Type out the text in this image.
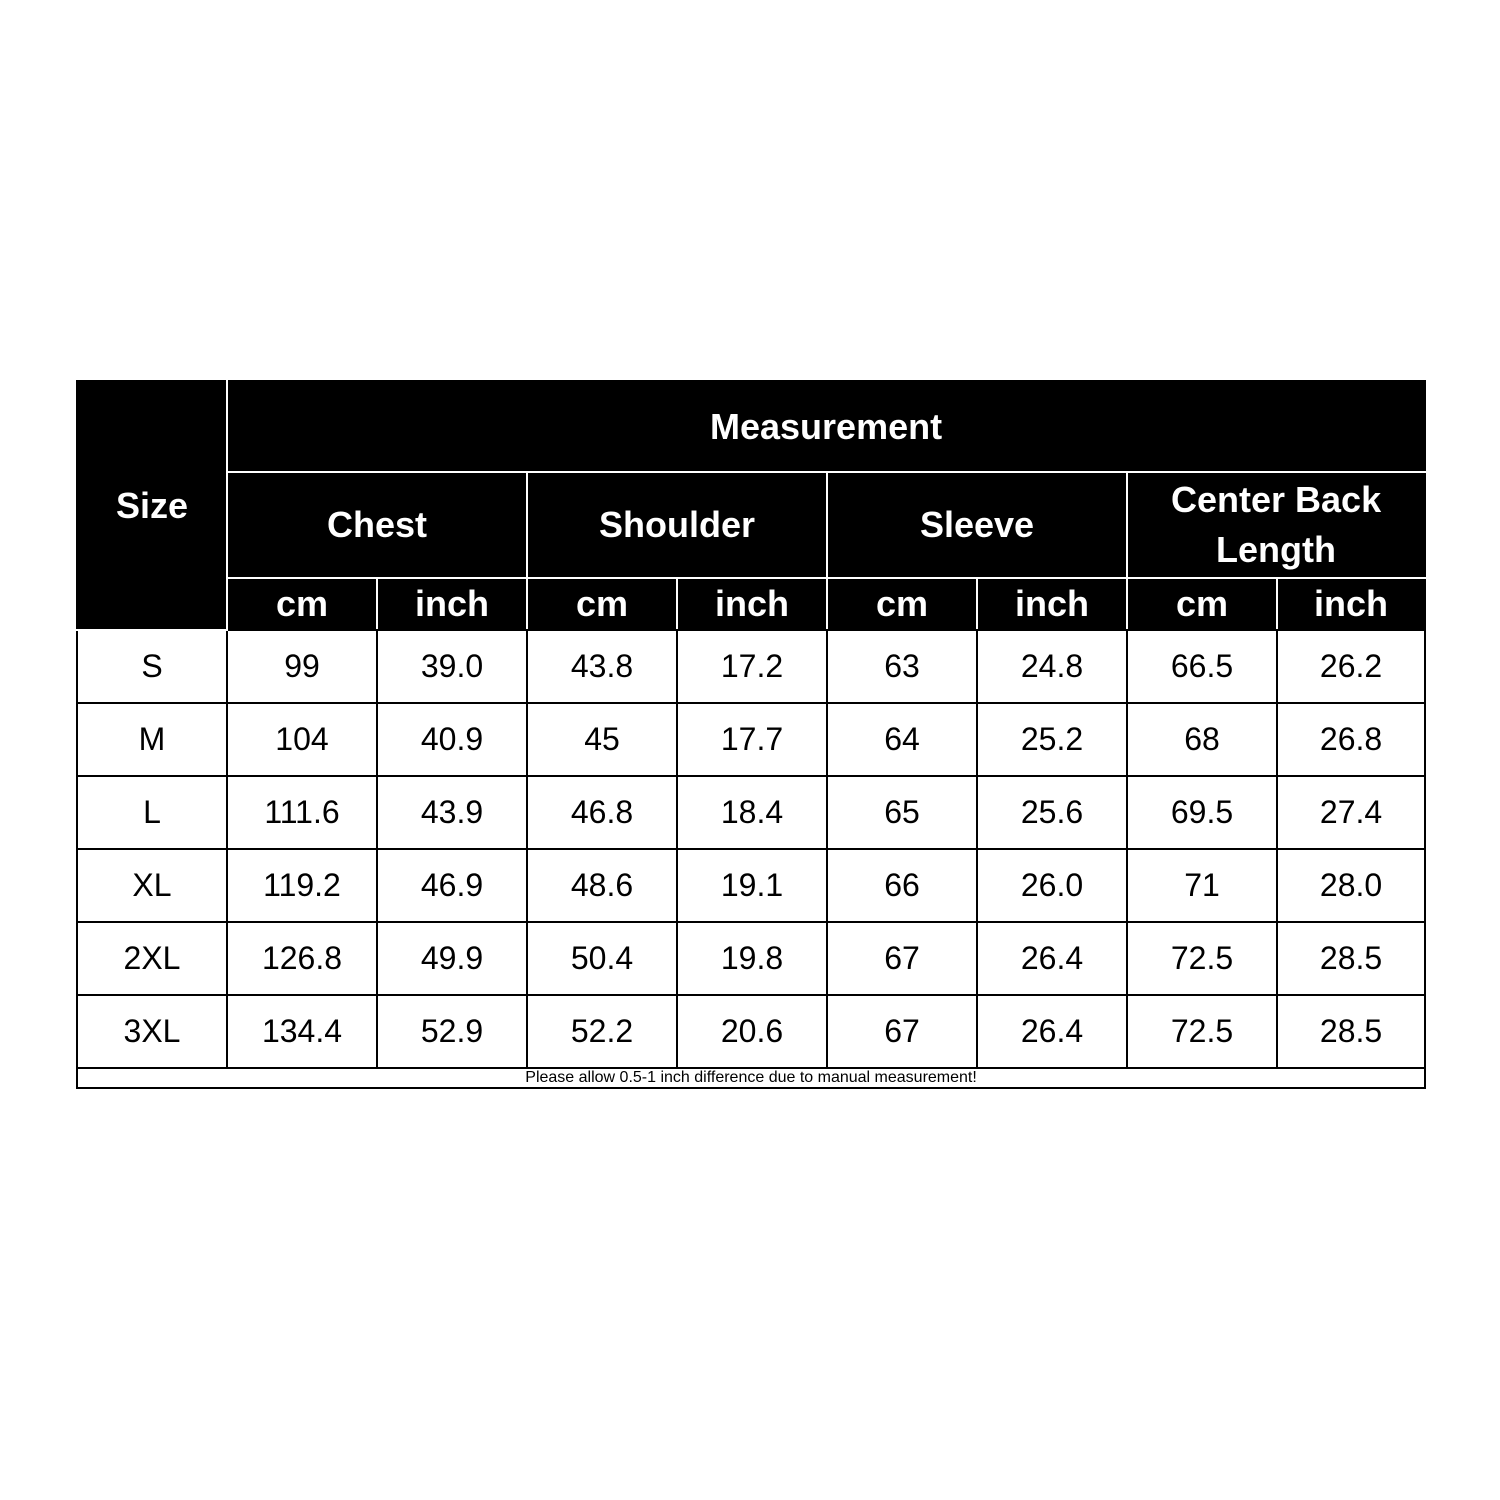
Size	Measurement							
	Chest		Shoulder		Sleeve		Center Back Length	
	cm	inch	cm	inch	cm	inch	cm	inch
S	99	39.0	43.8	17.2	63	24.8	66.5	26.2
M	104	40.9	45	17.7	64	25.2	68	26.8
L	111.6	43.9	46.8	18.4	65	25.6	69.5	27.4
XL	119.2	46.9	48.6	19.1	66	26.0	71	28.0
2XL	126.8	49.9	50.4	19.8	67	26.4	72.5	28.5
3XL	134.4	52.9	52.2	20.6	67	26.4	72.5	28.5
Please allow 0.5-1 inch difference due to manual measurement!								
